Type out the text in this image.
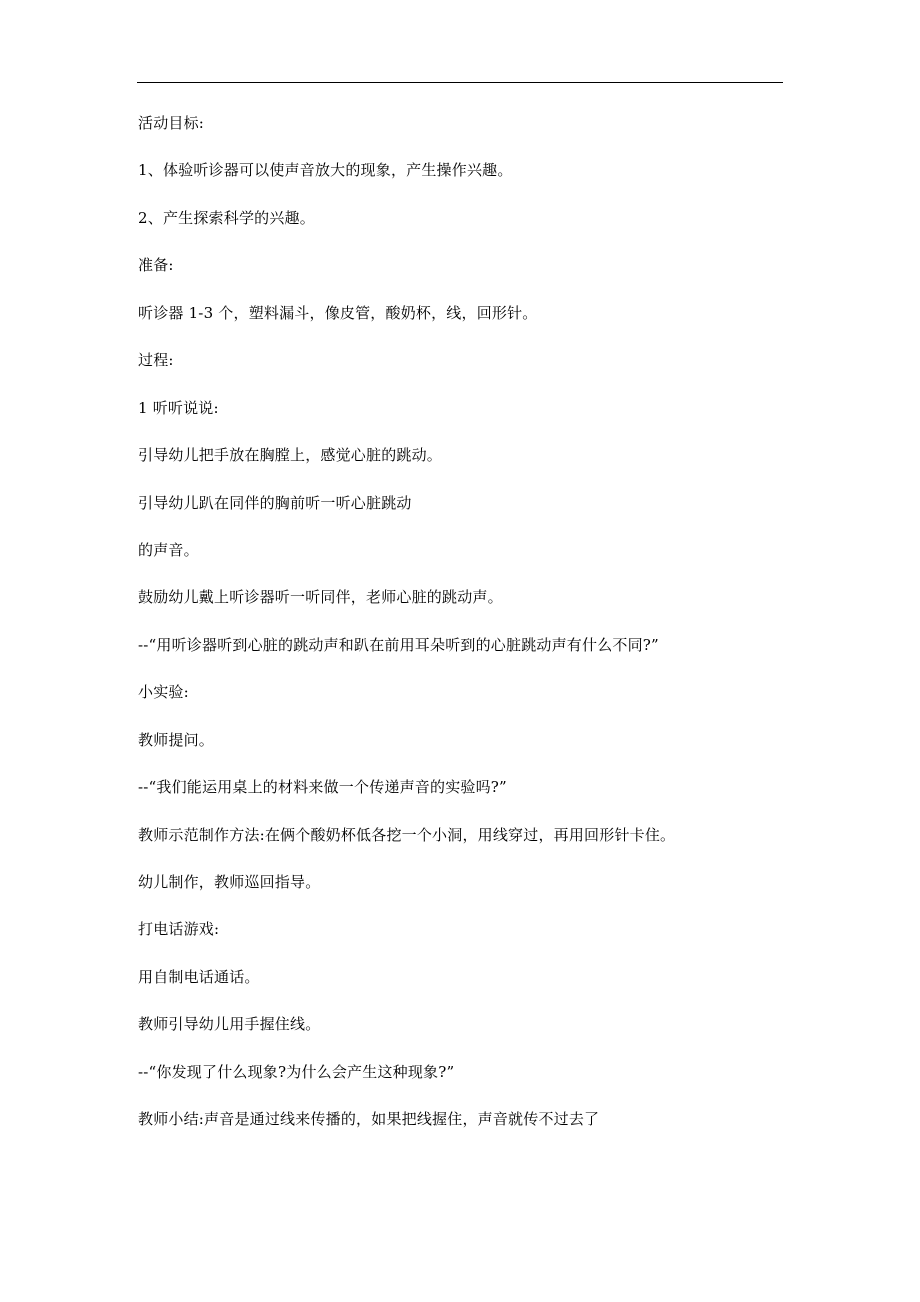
活动目标:

1、体验听诊器可以使声音放大的现象，产生操作兴趣。

2、产生探索科学的兴趣。

准备:

听诊器 1-3 个，塑料漏斗，像皮管，酸奶杯，线，回形针。

过程:

1 听听说说:

引导幼儿把手放在胸膛上，感觉心脏的跳动。

引导幼儿趴在同伴的胸前听一听心脏跳动

的声音。

鼓励幼儿戴上听诊器听一听同伴，老师心脏的跳动声。

--“用听诊器听到心脏的跳动声和趴在前用耳朵听到的心脏跳动声有什么不同?”

小实验:

教师提问。

--“我们能运用桌上的材料来做一个传递声音的实验吗?”

教师示范制作方法:在俩个酸奶杯低各挖一个小洞，用线穿过，再用回形针卡住。

幼儿制作，教师巡回指导。

打电话游戏:

用自制电话通话。

教师引导幼儿用手握住线。

--“你发现了什么现象?为什么会产生这种现象?”

教师小结:声音是通过线来传播的，如果把线握住，声音就传不过去了
